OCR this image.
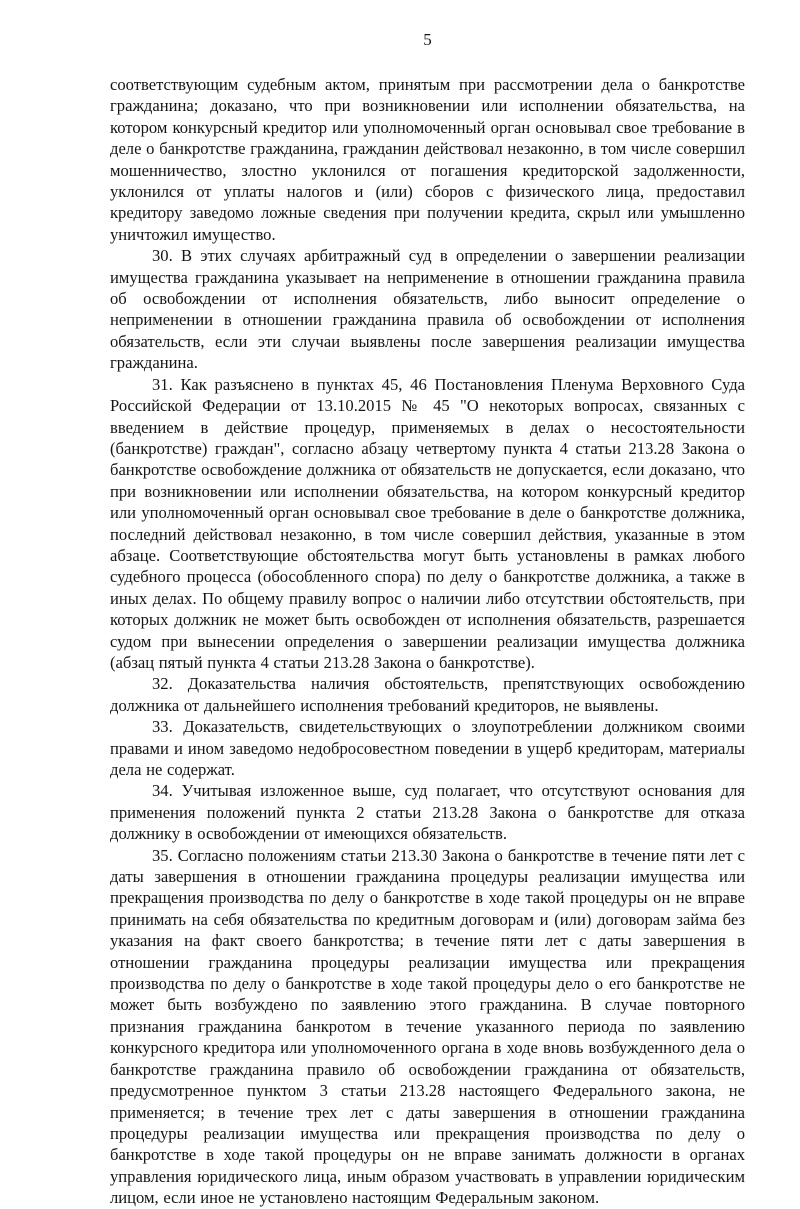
5

соответствующим судебным актом, принятым при рассмотрении дела о банкротстве гражданина; доказано, что при возникновении или исполнении обязательства, на котором конкурсный кредитор или уполномоченный орган основывал свое требование в деле о банкротстве гражданина, гражданин действовал незаконно, в том числе совершил мошенничество, злостно уклонился от погашения кредиторской задолженности, уклонился от уплаты налогов и (или) сборов с физического лица, предоставил кредитору заведомо ложные сведения при получении кредита, скрыл или умышленно уничтожил имущество.

30. В этих случаях арбитражный суд в определении о завершении реализации имущества гражданина указывает на неприменение в отношении гражданина правила об освобождении от исполнения обязательств, либо выносит определение о неприменении в отношении гражданина правила об освобождении от исполнения обязательств, если эти случаи выявлены после завершения реализации имущества гражданина.

31. Как разъяснено в пунктах 45, 46 Постановления Пленума Верховного Суда Российской Федерации от 13.10.2015 № 45 "О некоторых вопросах, связанных с введением в действие процедур, применяемых в делах о несостоятельности (банкротстве) граждан", согласно абзацу четвертому пункта 4 статьи 213.28 Закона о банкротстве освобождение должника от обязательств не допускается, если доказано, что при возникновении или исполнении обязательства, на котором конкурсный кредитор или уполномоченный орган основывал свое требование в деле о банкротстве должника, последний действовал незаконно, в том числе совершил действия, указанные в этом абзаце. Соответствующие обстоятельства могут быть установлены в рамках любого судебного процесса (обособленного спора) по делу о банкротстве должника, а также в иных делах. По общему правилу вопрос о наличии либо отсутствии обстоятельств, при которых должник не может быть освобожден от исполнения обязательств, разрешается судом при вынесении определения о завершении реализации имущества должника (абзац пятый пункта 4 статьи 213.28 Закона о банкротстве).

32. Доказательства наличия обстоятельств, препятствующих освобождению должника от дальнейшего исполнения требований кредиторов, не выявлены.

33. Доказательств, свидетельствующих о злоупотреблении должником своими правами и ином заведомо недобросовестном поведении в ущерб кредиторам, материалы дела не содержат.

34. Учитывая изложенное выше, суд полагает, что отсутствуют основания для применения положений пункта 2 статьи 213.28 Закона о банкротстве для отказа должнику в освобождении от имеющихся обязательств.

35. Согласно положениям статьи 213.30 Закона о банкротстве в течение пяти лет с даты завершения в отношении гражданина процедуры реализации имущества или прекращения производства по делу о банкротстве в ходе такой процедуры он не вправе принимать на себя обязательства по кредитным договорам и (или) договорам займа без указания на факт своего банкротства; в течение пяти лет с даты завершения в отношении гражданина процедуры реализации имущества или прекращения производства по делу о банкротстве в ходе такой процедуры дело о его банкротстве не может быть возбуждено по заявлению этого гражданина. В случае повторного признания гражданина банкротом в течение указанного периода по заявлению конкурсного кредитора или уполномоченного органа в ходе вновь возбужденного дела о банкротстве гражданина правило об освобождении гражданина от обязательств, предусмотренное пунктом 3 статьи 213.28 настоящего Федерального закона, не применяется; в течение трех лет с даты завершения в отношении гражданина процедуры реализации имущества или прекращения производства по делу о банкротстве в ходе такой процедуры он не вправе занимать должности в органах управления юридического лица, иным образом участвовать в управлении юридическим лицом, если иное не установлено настоящим Федеральным законом.
